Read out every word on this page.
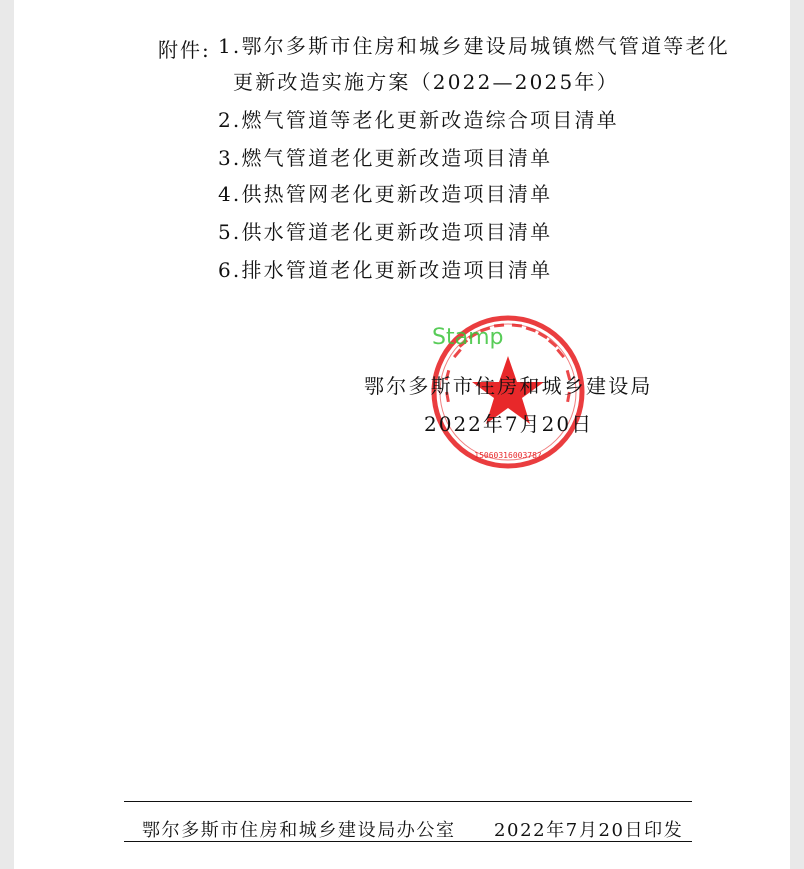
附件: 1.鄂尔多斯市住房和城乡建设局城镇燃气管道等老化
更新改造实施方案（2022—2025年）
2.燃气管道等老化更新改造综合项目清单
3.燃气管道老化更新改造项目清单
4.供热管网老化更新改造项目清单
5.供水管道老化更新改造项目清单
6.排水管道老化更新改造项目清单
1506031600378?
Stamp
鄂尔多斯市住房和城乡建设局
2022年7月20日
鄂尔多斯市住房和城乡建设局办公室 2022年7月20日印发
